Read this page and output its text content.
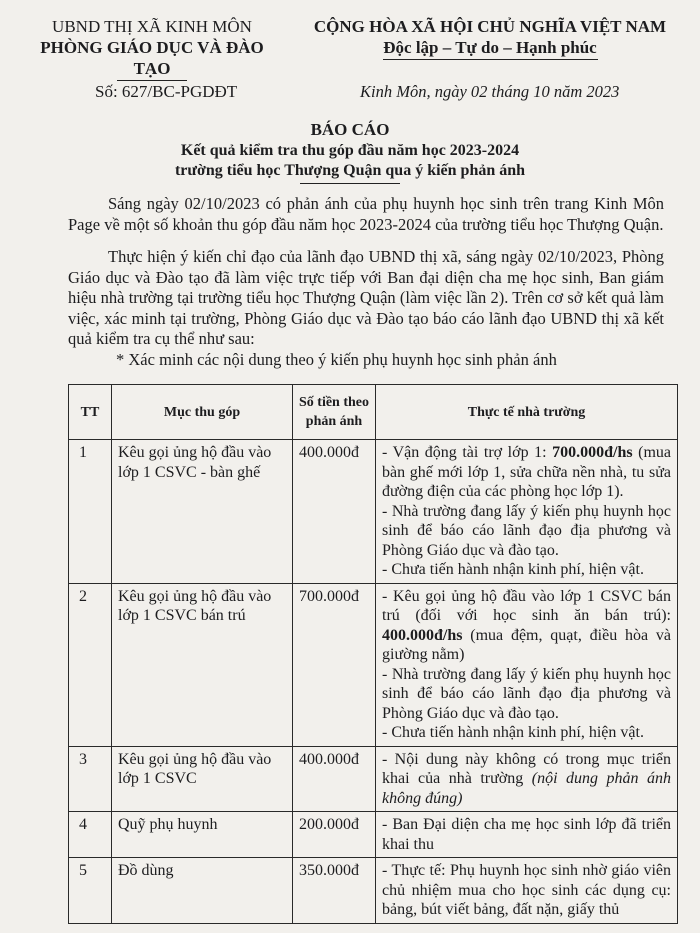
UBND THỊ XÃ KINH MÔN
PHÒNG GIÁO DỤC VÀ ĐÀO TẠO
CỘNG HÒA XÃ HỘI CHỦ NGHĨA VIỆT NAM
Độc lập – Tự do – Hạnh phúc
Số: 627/BC-PGDĐT	Kinh Môn, ngày 02 tháng 10 năm 2023
BÁO CÁO
Kết quả kiểm tra thu góp đầu năm học 2023-2024
trường tiểu học Thượng Quận qua ý kiến phản ánh

Sáng ngày 02/10/2023 có phản ánh của phụ huynh học sinh trên trang Kinh Môn Page về một số khoản thu góp đầu năm học 2023-2024 của trường tiểu học Thượng Quận.

Thực hiện ý kiến chỉ đạo của lãnh đạo UBND thị xã, sáng ngày 02/10/2023, Phòng Giáo dục và Đào tạo đã làm việc trực tiếp với Ban đại diện cha mẹ học sinh, Ban giám hiệu nhà trường tại trường tiểu học Thượng Quận (làm việc lần 2). Trên cơ sở kết quả làm việc, xác minh tại trường, Phòng Giáo dục và Đào tạo báo cáo lãnh đạo UBND thị xã kết quả kiểm tra cụ thể như sau:

* Xác minh các nội dung theo ý kiến phụ huynh học sinh phản ánh

TT	Mục thu góp	Số tiền theo phản ánh	Thực tế nhà trường
1	Kêu gọi ủng hộ đầu vào lớp 1 CSVC - bàn ghế	400.000đ	- Vận động tài trợ lớp 1: 700.000đ/hs (mua bàn ghế mới lớp 1, sửa chữa nền nhà, tu sửa đường điện của các phòng học lớp 1).
- Nhà trường đang lấy ý kiến phụ huynh học sinh để báo cáo lãnh đạo địa phương và Phòng Giáo dục và đào tạo.
- Chưa tiến hành nhận kinh phí, hiện vật.

2	Kêu gọi ủng hộ đầu vào lớp 1 CSVC bán trú	700.000đ	- Kêu gọi ủng hộ đầu vào lớp 1 CSVC bán trú (đối với học sinh ăn bán trú): 400.000đ/hs (mua đệm, quạt, điều hòa và giường nằm)
- Nhà trường đang lấy ý kiến phụ huynh học sinh để báo cáo lãnh đạo địa phương và Phòng Giáo dục và đào tạo.
- Chưa tiến hành nhận kinh phí, hiện vật.

3	Kêu gọi ủng hộ đầu vào lớp 1 CSVC	400.000đ	- Nội dung này không có trong mục triển khai của nhà trường (nội dung phản ánh không đúng)

4	Quỹ phụ huynh	200.000đ	- Ban Đại diện cha mẹ học sinh lớp đã triển khai thu
5	Đồ dùng	350.000đ	- Thực tế: Phụ huynh học sinh nhờ giáo viên chủ nhiệm mua cho học sinh các dụng cụ: bảng, bút viết bảng, đất nặn, giấy thủ
